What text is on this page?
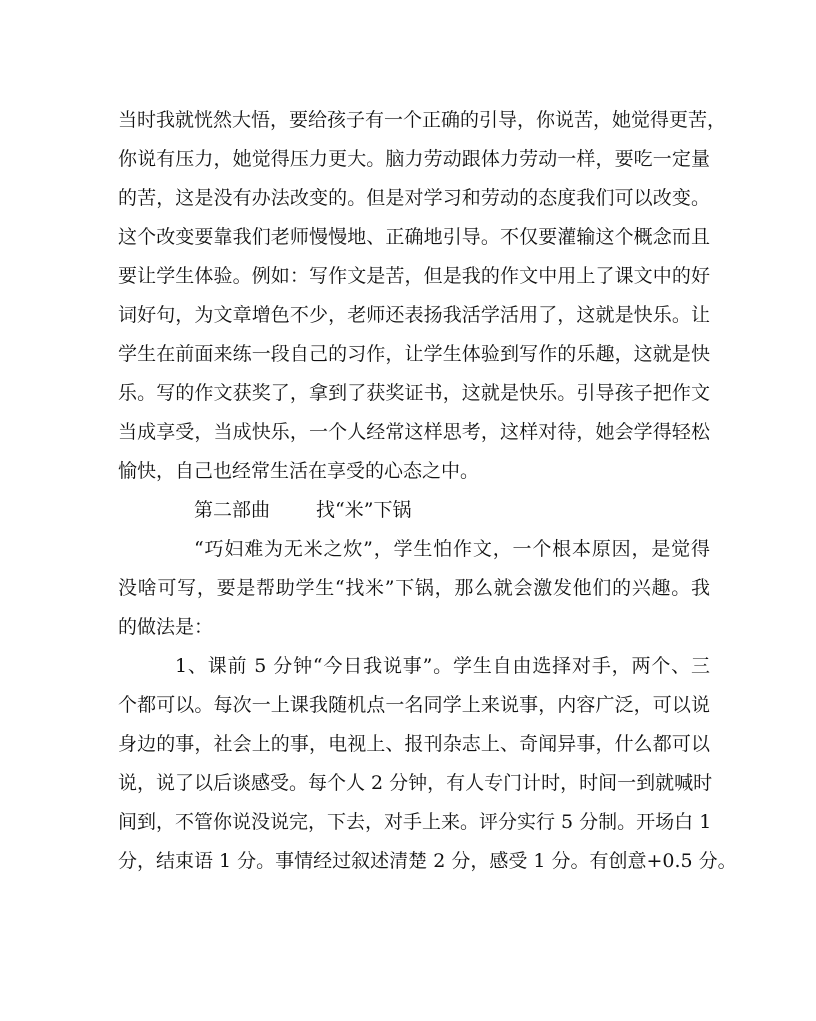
当时我就恍然大悟，要给孩子有一个正确的引导，你说苦，她觉得更苦，
你说有压力，她觉得压力更大。脑力劳动跟体力劳动一样，要吃一定量
的苦，这是没有办法改变的。但是对学习和劳动的态度我们可以改变。
这个改变要靠我们老师慢慢地、正确地引导。不仅要灌输这个概念而且
要让学生体验。例如：写作文是苦，但是我的作文中用上了课文中的好
词好句，为文章增色不少，老师还表扬我活学活用了，这就是快乐。让
学生在前面来练一段自己的习作，让学生体验到写作的乐趣，这就是快
乐。写的作文获奖了，拿到了获奖证书，这就是快乐。引导孩子把作文
当成享受，当成快乐，一个人经常这样思考，这样对待，她会学得轻松
愉快，自己也经常生活在享受的心态之中。
第二部曲 找“米”下锅
“巧妇难为无米之炊”，学生怕作文，一个根本原因，是觉得
没啥可写，要是帮助学生“找米”下锅，那么就会激发他们的兴趣。我
的做法是：
1、课前 5 分钟“今日我说事”。学生自由选择对手，两个、三
个都可以。每次一上课我随机点一名同学上来说事，内容广泛，可以说
身边的事，社会上的事，电视上、报刊杂志上、奇闻异事，什么都可以
说，说了以后谈感受。每个人 2 分钟，有人专门计时，时间一到就喊时
间到，不管你说没说完，下去，对手上来。评分实行 5 分制。开场白 1
分，结束语 1 分。事情经过叙述清楚 2 分，感受 1 分。有创意+0.5 分。
